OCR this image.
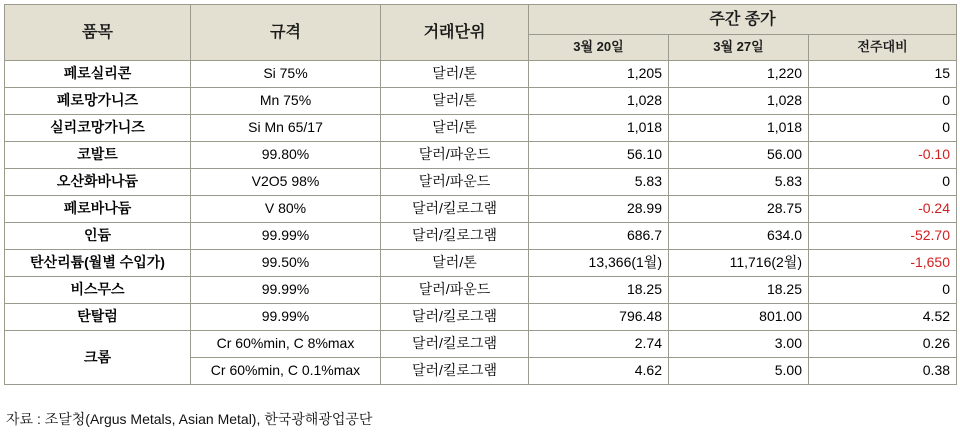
품목	규격	거래단위	주간 종가		
			3월 20일	3월 27일	전주대비
페로실리콘	Si 75%	달러/톤	1,205	1,220	15
페로망가니즈	Mn 75%	달러/톤	1,028	1,028	0
실리코망가니즈	Si Mn 65/17	달러/톤	1,018	1,018	0
코발트	99.80%	달러/파운드	56.10	56.00	-0.10
오산화바나듐	V2O5 98%	달러/파운드	5.83	5.83	0
페로바나듐	V 80%	달러/킬로그램	28.99	28.75	-0.24
인듐	99.99%	달러/킬로그램	686.7	634.0	-52.70
탄산리튬(월별 수입가)	99.50%	달러/톤	13,366(1월)	11,716(2월)	-1,650
비스무스	99.99%	달러/파운드	18.25	18.25	0
탄탈럼	99.99%	달러/킬로그램	796.48	801.00	4.52
크롬	Cr 60%min, C 8%max	달러/킬로그램	2.74	3.00	0.26
	Cr 60%min, C 0.1%max	달러/킬로그램	4.62	5.00	0.38
자료 : 조달청(Argus Metals, Asian Metal), 한국광해광업공단
